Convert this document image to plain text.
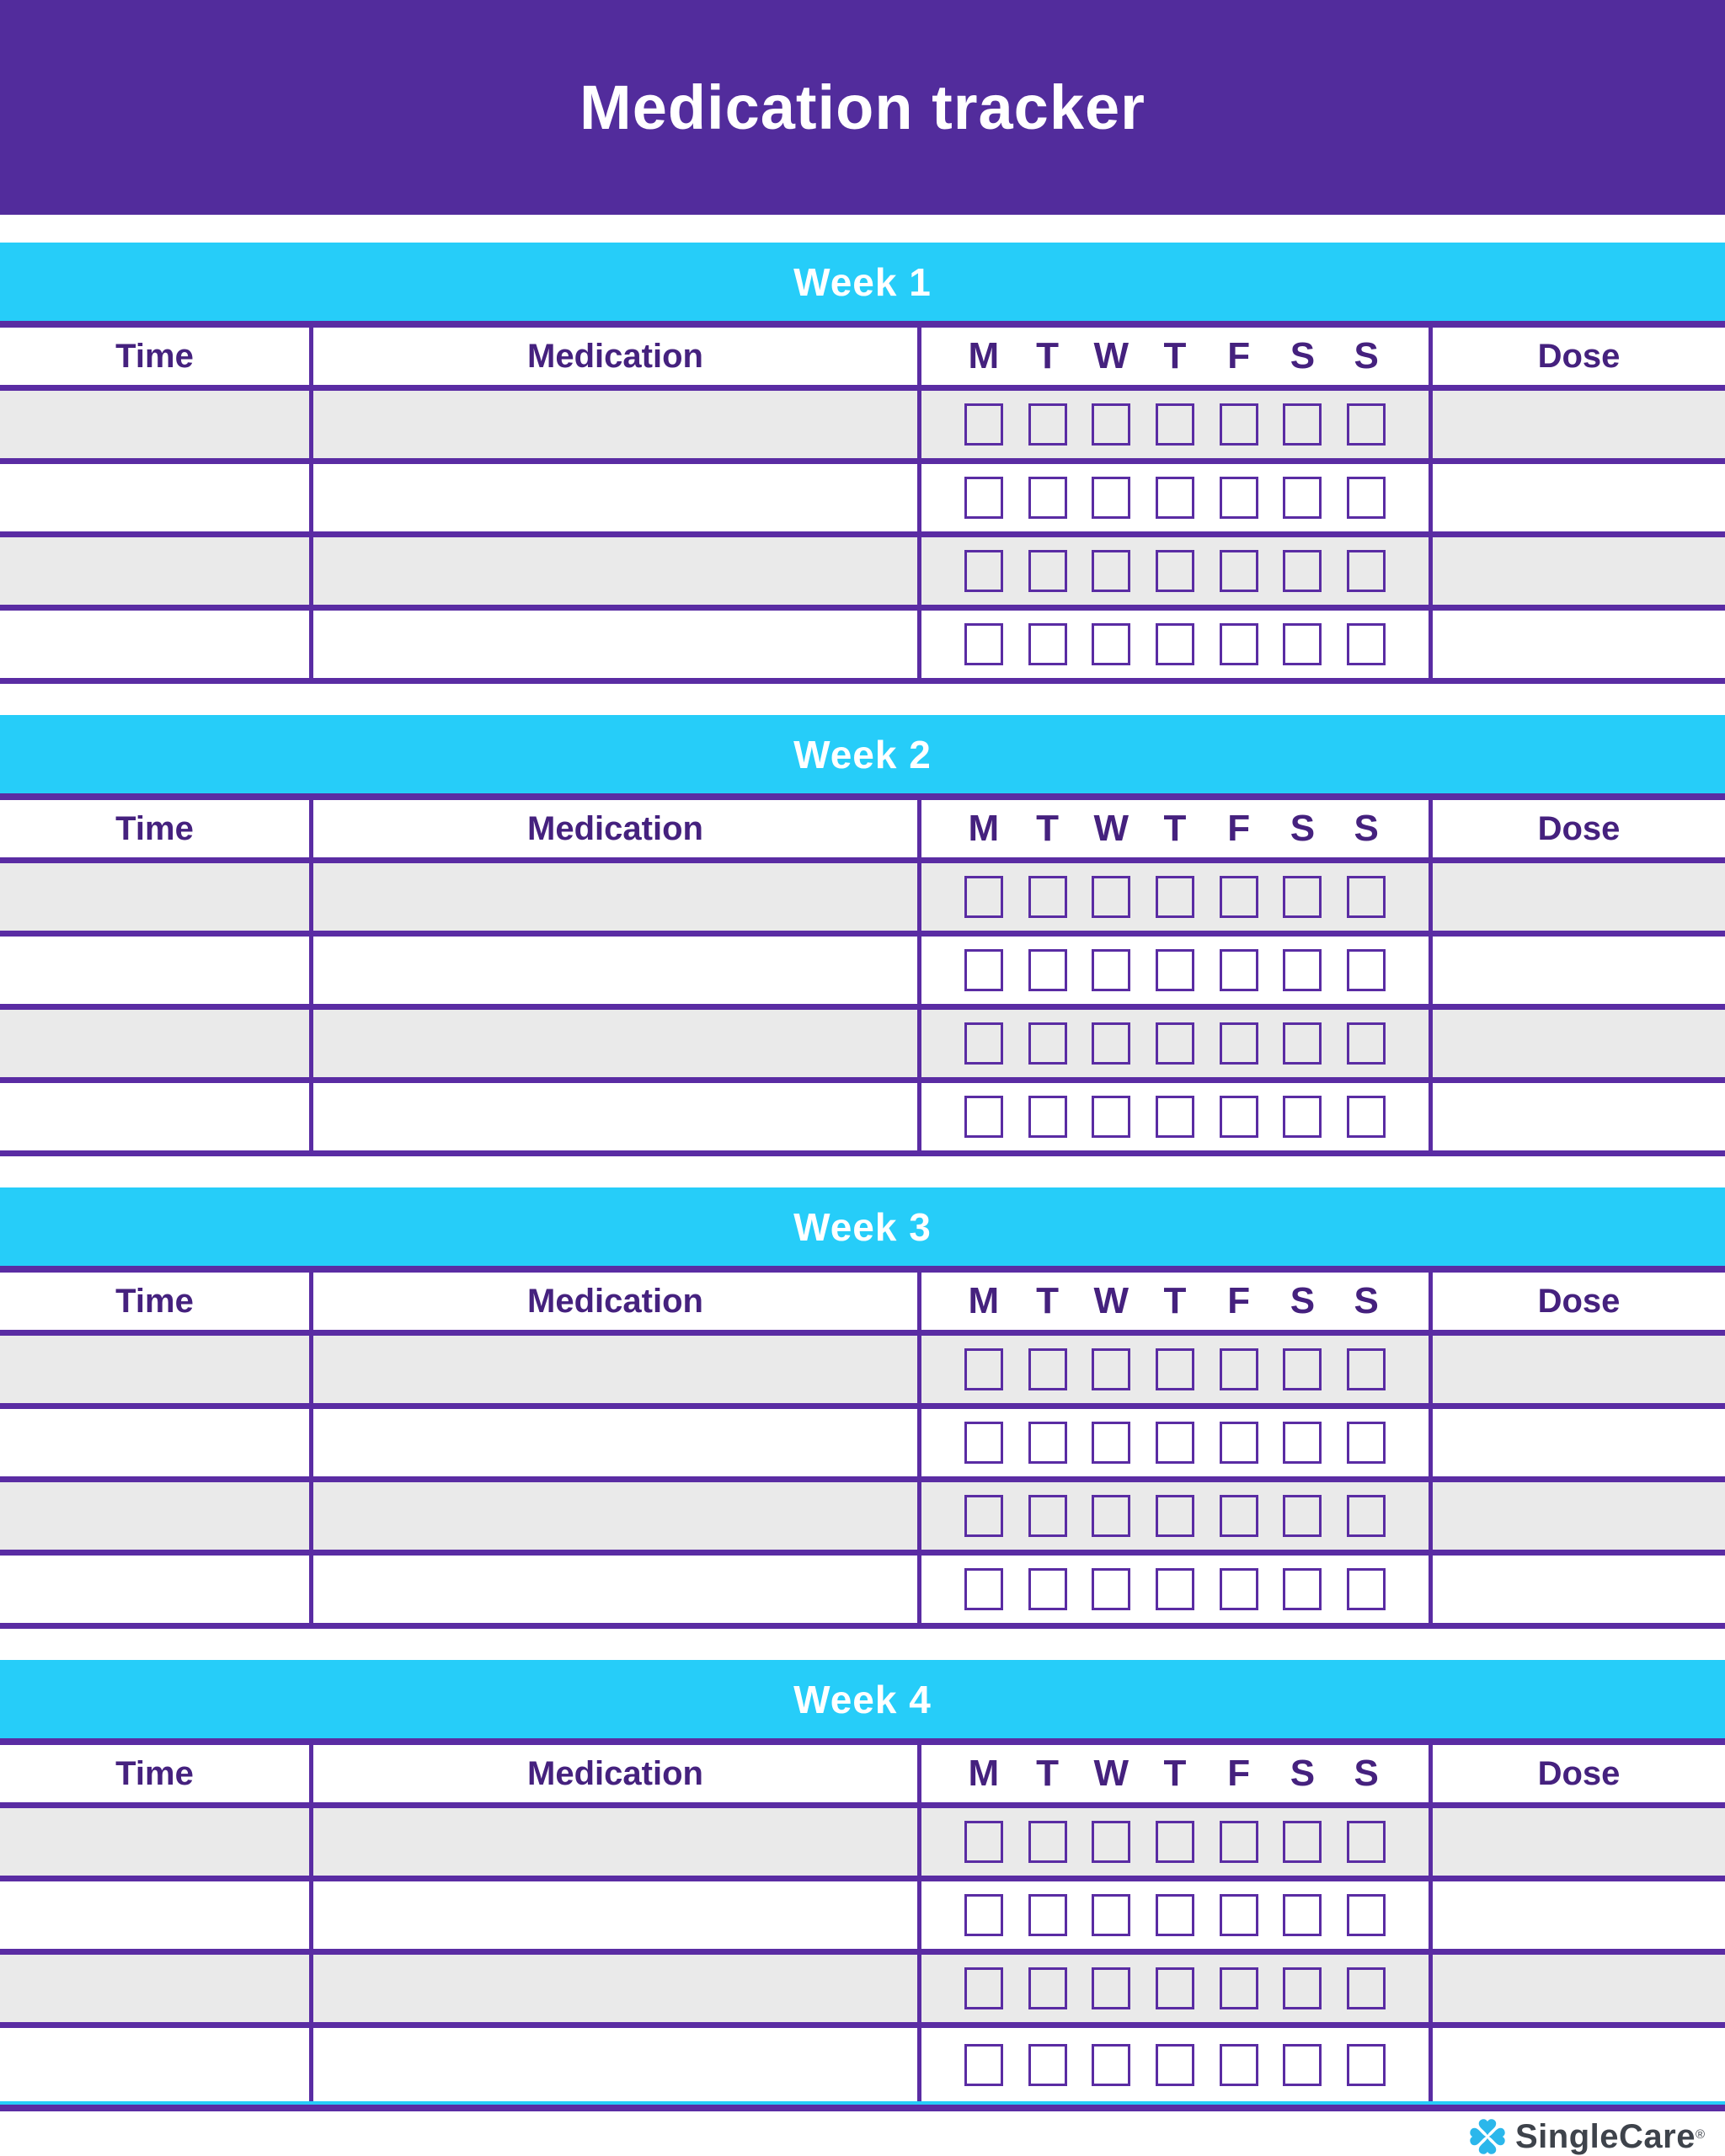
Medication tracker
Week 1
Time	Medication	M T W T F S S	Dose
Week 2
Time	Medication	M T W T F S S	Dose
Week 3
Time	Medication	M T W T F S S	Dose
Week 4
Time	Medication	M T W T F S S	Dose
SingleCare®
